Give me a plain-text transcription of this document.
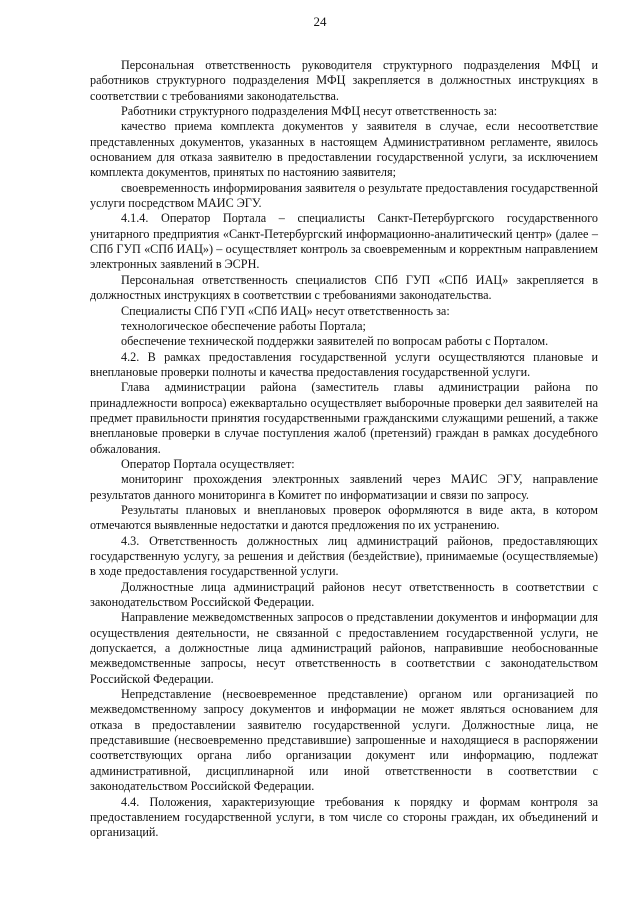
24

Персональная ответственность руководителя структурного подразделения МФЦ и работников структурного подразделения МФЦ закрепляется в должностных инструкциях в соответствии с требованиями законодательства.

Работники структурного подразделения МФЦ несут ответственность за:

качество приема комплекта документов у заявителя в случае, если несоответствие представленных документов, указанных в настоящем Административном регламенте, явилось основанием для отказа заявителю в предоставлении государственной услуги, за исключением комплекта документов, принятых по настоянию заявителя;

своевременность информирования заявителя о результате предоставления государственной услуги посредством МАИС ЭГУ.

4.1.4. Оператор Портала – специалисты Санкт-Петербургского государственного унитарного предприятия «Санкт-Петербургский информационно-аналитический центр» (далее – СПб ГУП «СПб ИАЦ») – осуществляет контроль за своевременным и корректным направлением электронных заявлений в ЭСРН.

Персональная ответственность специалистов СПб ГУП «СПб ИАЦ» закрепляется в должностных инструкциях в соответствии с требованиями законодательства.

Специалисты СПб ГУП «СПб ИАЦ» несут ответственность за:

технологическое обеспечение работы Портала;

обеспечение технической поддержки заявителей по вопросам работы с Порталом.

4.2. В рамках предоставления государственной услуги осуществляются плановые и внеплановые проверки полноты и качества предоставления государственной услуги.

Глава администрации района (заместитель главы администрации района по принадлежности вопроса) ежеквартально осуществляет выборочные проверки дел заявителей на предмет правильности принятия государственными гражданскими служащими решений, а также внеплановые проверки в случае поступления жалоб (претензий) граждан в рамках досудебного обжалования.

Оператор Портала осуществляет:

мониторинг прохождения электронных заявлений через МАИС ЭГУ, направление результатов данного мониторинга в Комитет по информатизации и связи по запросу.

Результаты плановых и внеплановых проверок оформляются в виде акта, в котором отмечаются выявленные недостатки и даются предложения по их устранению.

4.3. Ответственность должностных лиц администраций районов, предоставляющих государственную услугу, за решения и действия (бездействие), принимаемые (осуществляемые) в ходе предоставления государственной услуги.

Должностные лица администраций районов несут ответственность в соответствии с законодательством Российской Федерации.

Направление межведомственных запросов о представлении документов и информации для осуществления деятельности, не связанной с предоставлением государственной услуги, не допускается, а должностные лица администраций районов, направившие необоснованные межведомственные запросы, несут ответственность в соответствии с законодательством Российской Федерации.

Непредставление (несвоевременное представление) органом или организацией по межведомственному запросу документов и информации не может являться основанием для отказа в предоставлении заявителю государственной услуги. Должностные лица, не представившие (несвоевременно представившие) запрошенные и находящиеся в распоряжении соответствующих органа либо организации документ или информацию, подлежат административной, дисциплинарной или иной ответственности в соответствии с законодательством Российской Федерации.

4.4. Положения, характеризующие требования к порядку и формам контроля за предоставлением государственной услуги, в том числе со стороны граждан, их объединений и организаций.
